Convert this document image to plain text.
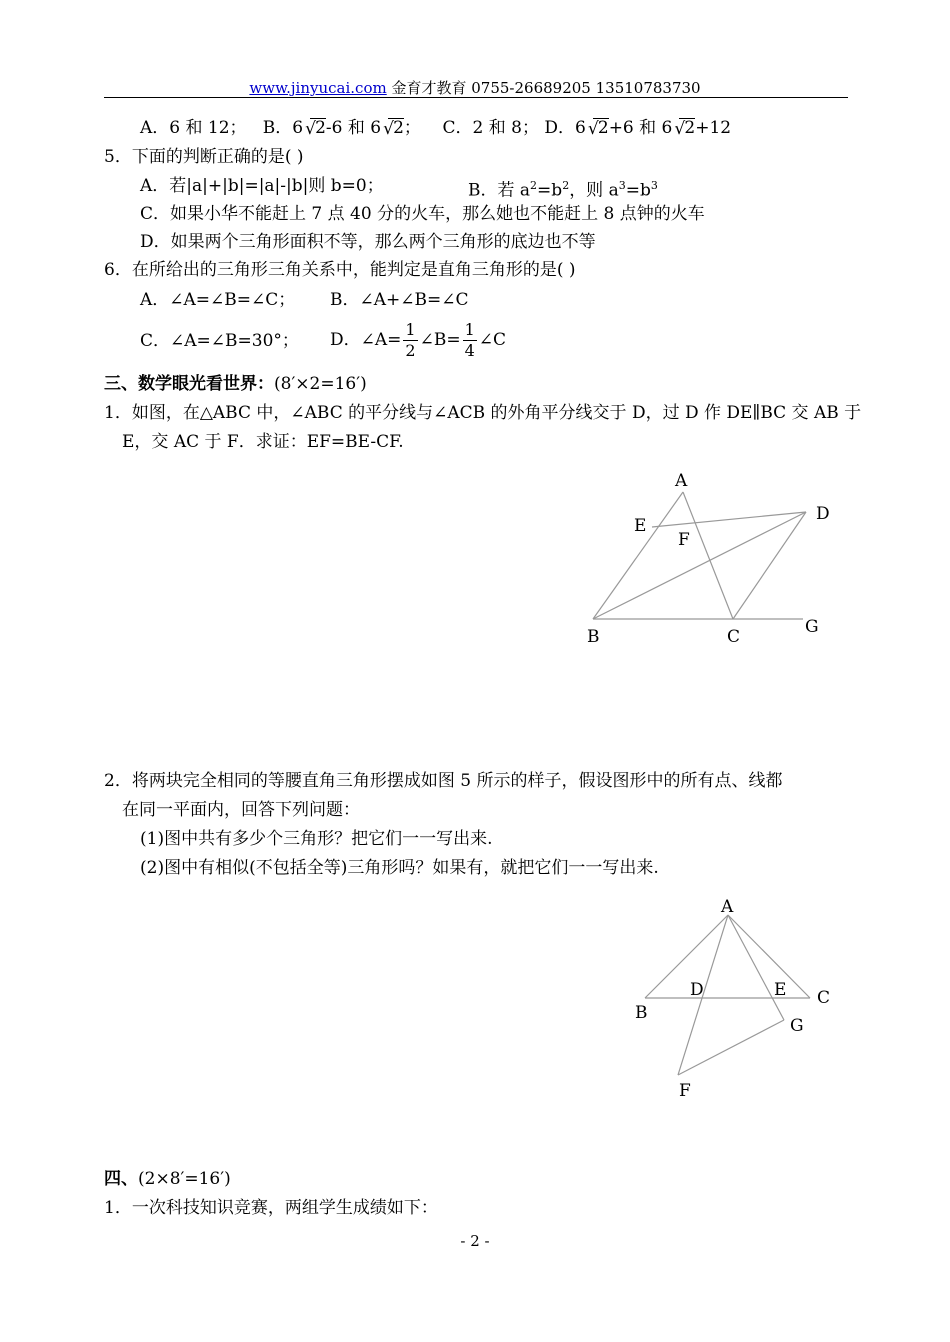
www.jinyucai.com 金育才教育 0755-26689205 13510783730
A．6 和 12； B．6 √ 2-6 和 6 √ 2； C．2 和 8； D．6 √ 2+6 和 6 √ 2+12
5．下面的判断正确的是( )
A．若|a|+|b|=|a|-|b|则 b=0；	B．若 $a^2=b^2$，则 $a^3=b^3$
C．如果小华不能赶上 7 点 40 分的火车，那么她也不能赶上 8 点钟的火车
D．如果两个三角形面积不等，那么两个三角形的底边也不等
6．在所给出的三角形三角关系中，能判定是直角三角形的是( )
A．∠A=∠B=∠C； B．∠A+∠B=∠C
C．∠A=∠B=30°； D．∠A= $\frac{1}{2}$ ∠B= $\frac{1}{4}$ ∠C
三、数学眼光看世界：(8′×2=16′)
1．如图，在△ABC 中，∠ABC 的平分线与∠ACB 的外角平分线交于 D，过 D 作 DE∥BC 交 AB 于
E，交 AC 于 F．求证：EF=BE-CF.
A
D
E
F
B	C	G
2．将两块完全相同的等腰直角三角形摆成如图 5 所示的样子，假设图形中的所有点、线都
在同一平面内，回答下列问题：
(1)图中共有多少个三角形？把它们一一写出来.
(2)图中有相似(不包括全等)三角形吗？如果有，就把它们一一写出来.
A
B
D	E C
G
F
四、(2×8′=16′)
1．一次科技知识竞赛，两组学生成绩如下：
- 2 -
